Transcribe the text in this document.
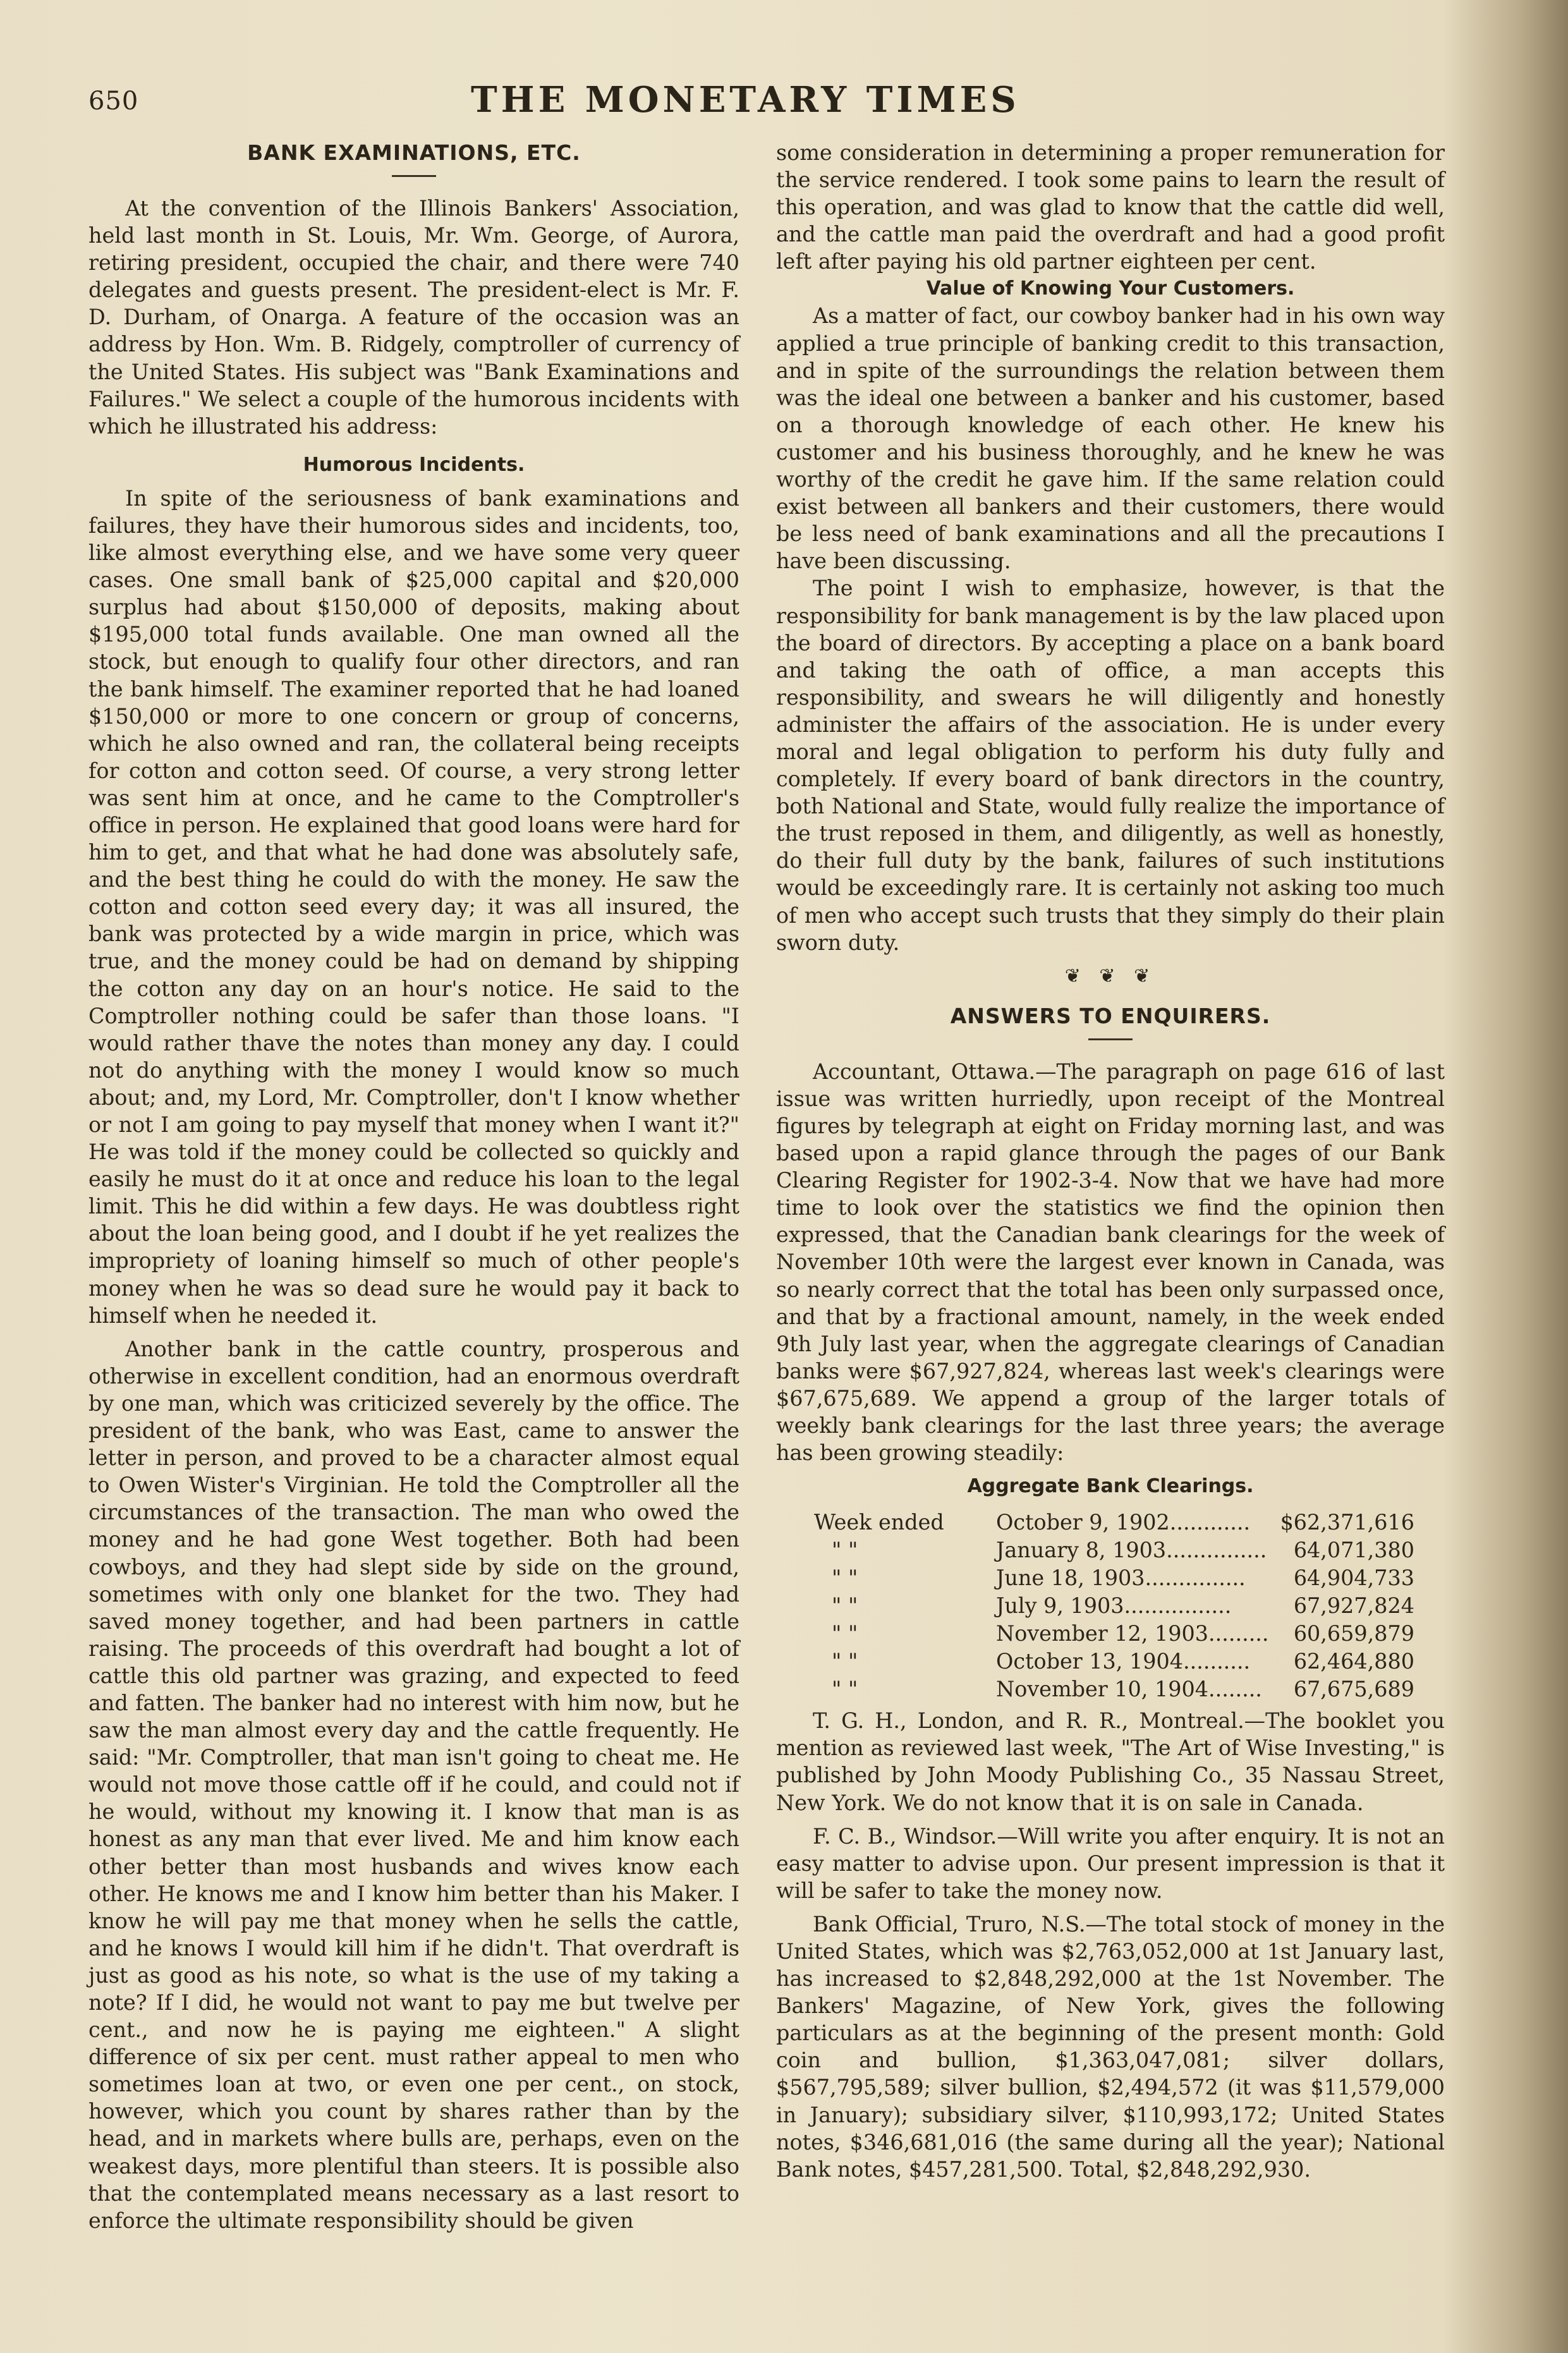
650	THE MONETARY TIMES
BANK EXAMINATIONS, ETC.

At the convention of the Illinois Bankers' Association, held last month in St. Louis, Mr. Wm. George, of Aurora, retiring president, occupied the chair, and there were 740 delegates and guests present. The president-elect is Mr. F. D. Durham, of Onarga. A feature of the occasion was an address by Hon. Wm. B. Ridgely, comptroller of currency of the United States. His subject was "Bank Examinations and Failures." We select a couple of the humorous incidents with which he illustrated his address:

Humorous Incidents.

In spite of the seriousness of bank examinations and failures, they have their humorous sides and incidents, too, like almost everything else, and we have some very queer cases. One small bank of $25,000 capital and $20,000 surplus had about $150,000 of deposits, making about $195,000 total funds available. One man owned all the stock, but enough to qualify four other directors, and ran the bank himself. The examiner reported that he had loaned $150,000 or more to one concern or group of concerns, which he also owned and ran, the collateral being receipts for cotton and cotton seed. Of course, a very strong letter was sent him at once, and he came to the Comptroller's office in person. He explained that good loans were hard for him to get, and that what he had done was absolutely safe, and the best thing he could do with the money. He saw the cotton and cotton seed every day; it was all insured, the bank was protected by a wide margin in price, which was true, and the money could be had on demand by shipping the cotton any day on an hour's notice. He said to the Comptroller nothing could be safer than those loans. "I would rather thave the notes than money any day. I could not do anything with the money I would know so much about; and, my Lord, Mr. Comptroller, don't I know whether or not I am going to pay myself that money when I want it?" He was told if the money could be collected so quickly and easily he must do it at once and reduce his loan to the legal limit. This he did within a few days. He was doubtless right about the loan being good, and I doubt if he yet realizes the impropriety of loaning himself so much of other people's money when he was so dead sure he would pay it back to himself when he needed it.

Another bank in the cattle country, prosperous and otherwise in excellent condition, had an enormous overdraft by one man, which was criticized severely by the office. The president of the bank, who was East, came to answer the letter in person, and proved to be a character almost equal to Owen Wister's Virginian. He told the Comptroller all the circumstances of the transaction. The man who owed the money and he had gone West together. Both had been cowboys, and they had slept side by side on the ground, sometimes with only one blanket for the two. They had saved money together, and had been partners in cattle raising. The proceeds of this overdraft had bought a lot of cattle this old partner was grazing, and expected to feed and fatten. The banker had no interest with him now, but he saw the man almost every day and the cattle frequently. He said: "Mr. Comptroller, that man isn't going to cheat me. He would not move those cattle off if he could, and could not if he would, without my knowing it. I know that man is as honest as any man that ever lived. Me and him know each other better than most husbands and wives know each other. He knows me and I know him better than his Maker. I know he will pay me that money when he sells the cattle, and he knows I would kill him if he didn't. That overdraft is just as good as his note, so what is the use of my taking a note? If I did, he would not want to pay me but twelve per cent., and now he is paying me eighteen." A slight difference of six per cent. must rather appeal to men who sometimes loan at two, or even one per cent., on stock, however, which you count by shares rather than by the head, and in markets where bulls are, perhaps, even on the weakest days, more plentiful than steers. It is possible also that the contemplated means necessary as a last resort to enforce the ultimate responsibility should be given

some consideration in determining a proper remuneration for the service rendered. I took some pains to learn the result of this operation, and was glad to know that the cattle did well, and the cattle man paid the overdraft and had a good profit left after paying his old partner eighteen per cent.

Value of Knowing Your Customers.

As a matter of fact, our cowboy banker had in his own way applied a true principle of banking credit to this transaction, and in spite of the surroundings the relation between them was the ideal one between a banker and his customer, based on a thorough knowledge of each other. He knew his customer and his business thoroughly, and he knew he was worthy of the credit he gave him. If the same relation could exist between all bankers and their customers, there would be less need of bank examinations and all the precautions I have been discussing.

The point I wish to emphasize, however, is that the responsibility for bank management is by the law placed upon the board of directors. By accepting a place on a bank board and taking the oath of office, a man accepts this responsibility, and swears he will diligently and honestly administer the affairs of the association. He is under every moral and legal obligation to perform his duty fully and completely. If every board of bank directors in the country, both National and State, would fully realize the importance of the trust reposed in them, and diligently, as well as honestly, do their full duty by the bank, failures of such institutions would be exceedingly rare. It is certainly not asking too much of men who accept such trusts that they simply do their plain sworn duty.

❦ ❦ ❦
ANSWERS TO ENQUIRERS.

Accountant, Ottawa.—The paragraph on page 616 of last issue was written hurriedly, upon receipt of the Montreal figures by telegraph at eight on Friday morning last, and was based upon a rapid glance through the pages of our Bank Clearing Register for 1902-3-4. Now that we have had more time to look over the statistics we find the opinion then expressed, that the Canadian bank clearings for the week of November 10th were the largest ever known in Canada, was so nearly correct that the total has been only surpassed once, and that by a fractional amount, namely, in the week ended 9th July last year, when the aggregate clearings of Canadian banks were $67,927,824, whereas last week's clearings were $67,675,689. We append a group of the larger totals of weekly bank clearings for the last three years; the average has been growing steadily:

Aggregate Bank Clearings.
Week ended	October 9, 1902............	$62,371,616
" "	January 8, 1903...............	64,071,380
" "	June 18, 1903...............	64,904,733
" "	July 9, 1903................	67,927,824
" "	November 12, 1903.........	60,659,879
" "	October 13, 1904..........	62,464,880
" "	November 10, 1904........	67,675,689

T. G. H., London, and R. R., Montreal.—The booklet you mention as reviewed last week, "The Art of Wise Investing," is published by John Moody Publishing Co., 35 Nassau Street, New York. We do not know that it is on sale in Canada.

F. C. B., Windsor.—Will write you after enquiry. It is not an easy matter to advise upon. Our present impression is that it will be safer to take the money now.

Bank Official, Truro, N.S.—The total stock of money in the United States, which was $2,763,052,000 at 1st January last, has increased to $2,848,292,000 at the 1st November. The Bankers' Magazine, of New York, gives the following particulars as at the beginning of the present month: Gold coin and bullion, $1,363,047,081; silver dollars, $567,795,589; silver bullion, $2,494,572 (it was $11,579,000 in January); subsidiary silver, $110,993,172; United States notes, $346,681,016 (the same during all the year); National Bank notes, $457,281,500. Total, $2,848,292,930.
